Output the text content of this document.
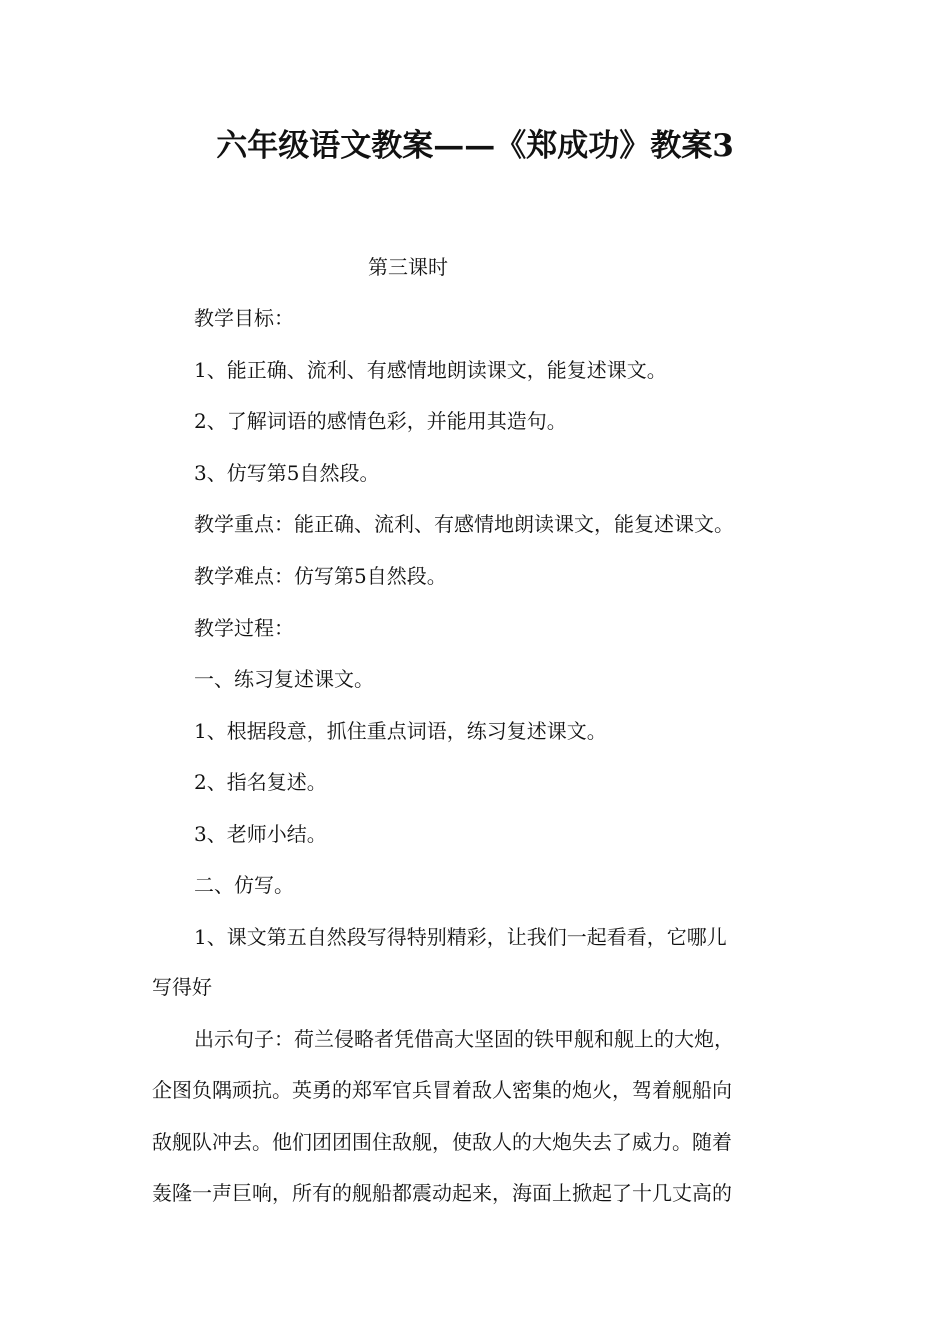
六年级语文教案——《郑成功》教案3
第三课时
教学目标：
1、能正确、流利、有感情地朗读课文，能复述课文。
2、了解词语的感情色彩，并能用其造句。
3、仿写第5自然段。
教学重点：能正确、流利、有感情地朗读课文，能复述课文。
教学难点：仿写第5自然段。
教学过程：
一、练习复述课文。
1、根据段意，抓住重点词语，练习复述课文。
2、指名复述。
3、老师小结。
二、仿写。
1、课文第五自然段写得特别精彩，让我们一起看看，它哪儿
写得好
出示句子：荷兰侵略者凭借高大坚固的铁甲舰和舰上的大炮，
企图负隅顽抗。英勇的郑军官兵冒着敌人密集的炮火，驾着舰船向
敌舰队冲去。他们团团围住敌舰，使敌人的大炮失去了威力。随着
轰隆一声巨响，所有的舰船都震动起来，海面上掀起了十几丈高的
